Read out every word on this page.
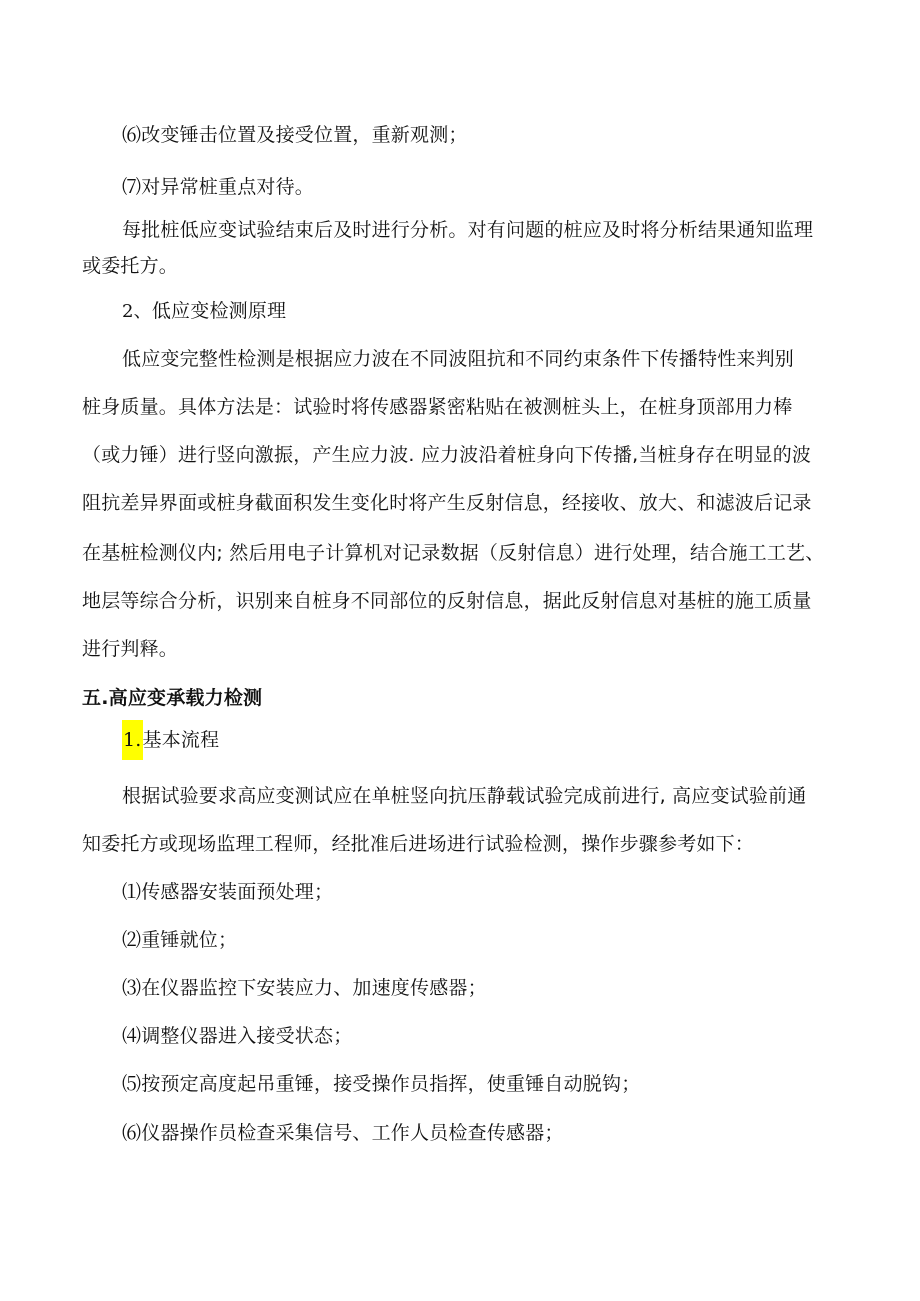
⑹改变锤击位置及接受位置，重新观测；
⑺对异常桩重点对待。
每批桩低应变试验结束后及时进行分析。对有问题的桩应及时将分析结果通知监理
或委托方。
2、低应变检测原理
低应变完整性检测是根据应力波在不同波阻抗和不同约束条件下传播特性来判别
桩身质量。具体方法是：试验时将传感器紧密粘贴在被测桩头上，在桩身顶部用力棒
（或力锤）进行竖向激振，产生应力波. 应力波沿着桩身向下传播,当桩身存在明显的波
阻抗差异界面或桩身截面积发生变化时将产生反射信息，经接收、放大、和滤波后记录
在基桩检测仪内; 然后用电子计算机对记录数据（反射信息）进行处理，结合施工工艺、
地层等综合分析，识别来自桩身不同部位的反射信息，据此反射信息对基桩的施工质量
进行判释。
五.高应变承载力检测
1.基本流程
根据试验要求高应变测试应在单桩竖向抗压静载试验完成前进行, 高应变试验前通
知委托方或现场监理工程师，经批准后进场进行试验检测，操作步骤参考如下：
⑴传感器安装面预处理；
⑵重锤就位；
⑶在仪器监控下安装应力、加速度传感器；
⑷调整仪器进入接受状态；
⑸按预定高度起吊重锤，接受操作员指挥，使重锤自动脱钩；
⑹仪器操作员检查采集信号、工作人员检查传感器；
